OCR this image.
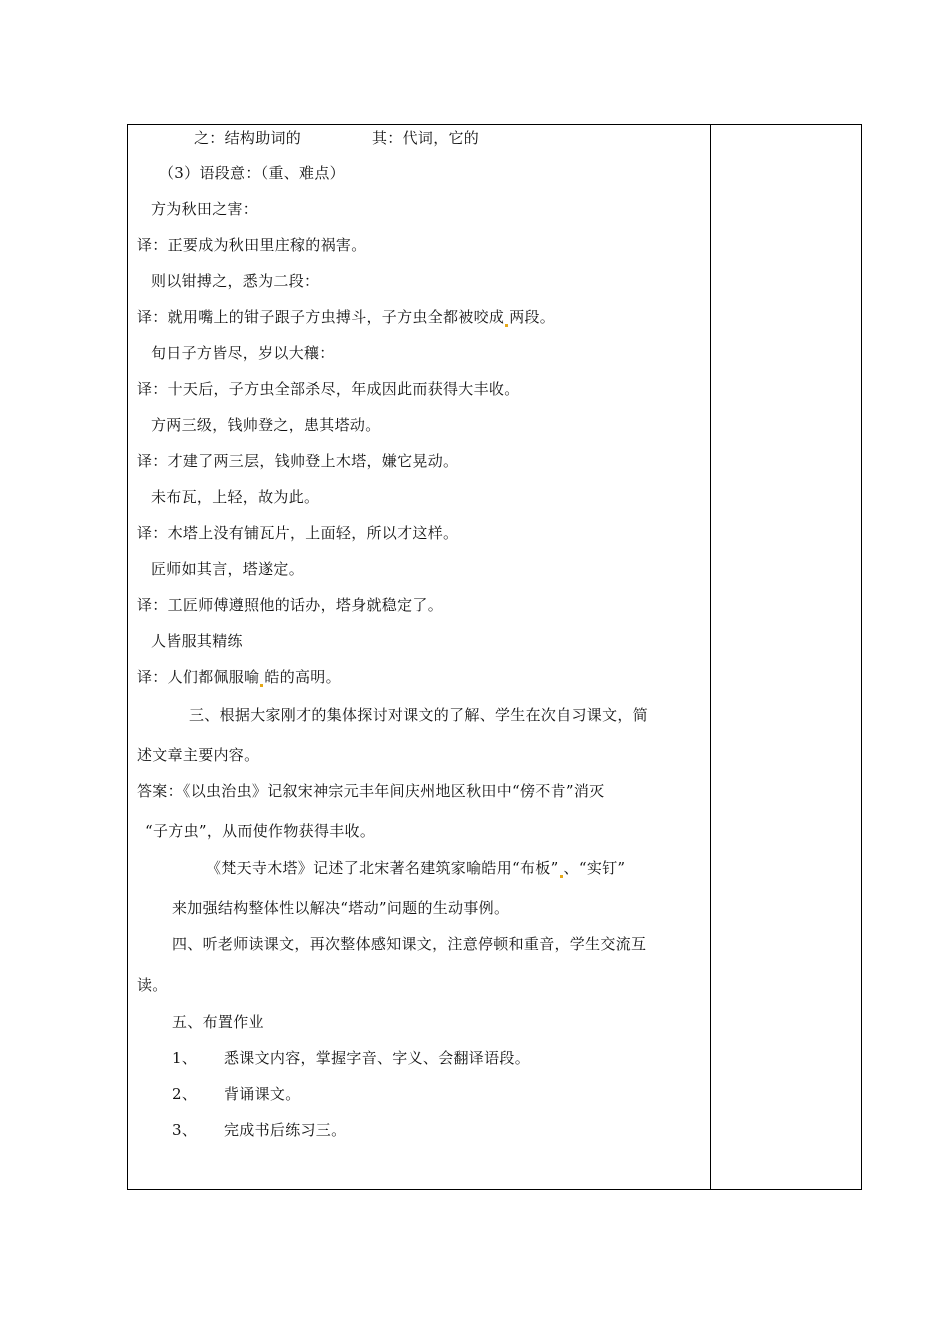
之：结构助词的	其：代词，它的
（3）语段意：（重、难点）
方为秋田之害：
译：正要成为秋田里庄稼的祸害。
则以钳搏之，悉为二段：
译：就用嘴上的钳子跟子方虫搏斗，子方虫全都被咬成 两段。
旬日子方皆尽，岁以大穰：
译：十天后，子方虫全部杀尽，年成因此而获得大丰收。
方两三级，钱帅登之，患其塔动。
译：才建了两三层，钱帅登上木塔，嫌它晃动。
未布瓦，上轻，故为此。
译：木塔上没有铺瓦片，上面轻，所以才这样。
匠师如其言，塔遂定。
译：工匠师傅遵照他的话办，塔身就稳定了。
人皆服其精练
译：人们都佩服喻 皓的高明。
三、根据大家刚才的集体探讨对课文的了解、学生在次自习课文，简
述文章主要内容。
答案：《以虫治虫》记叙宋神宗元丰年间庆州地区秋田中“傍不肯”消灭
“子方虫”，从而使作物获得丰收。
《梵天寺木塔》记述了北宋著名建筑家喻皓用“布板” 、“实钉”
来加强结构整体性以解决“塔动”问题的生动事例。
四、听老师读课文，再次整体感知课文，注意停顿和重音，学生交流互
读。
五、布置作业
1、 悉课文内容，掌握字音、字义、会翻译语段。
2、 背诵课文。
3、 完成书后练习三。
